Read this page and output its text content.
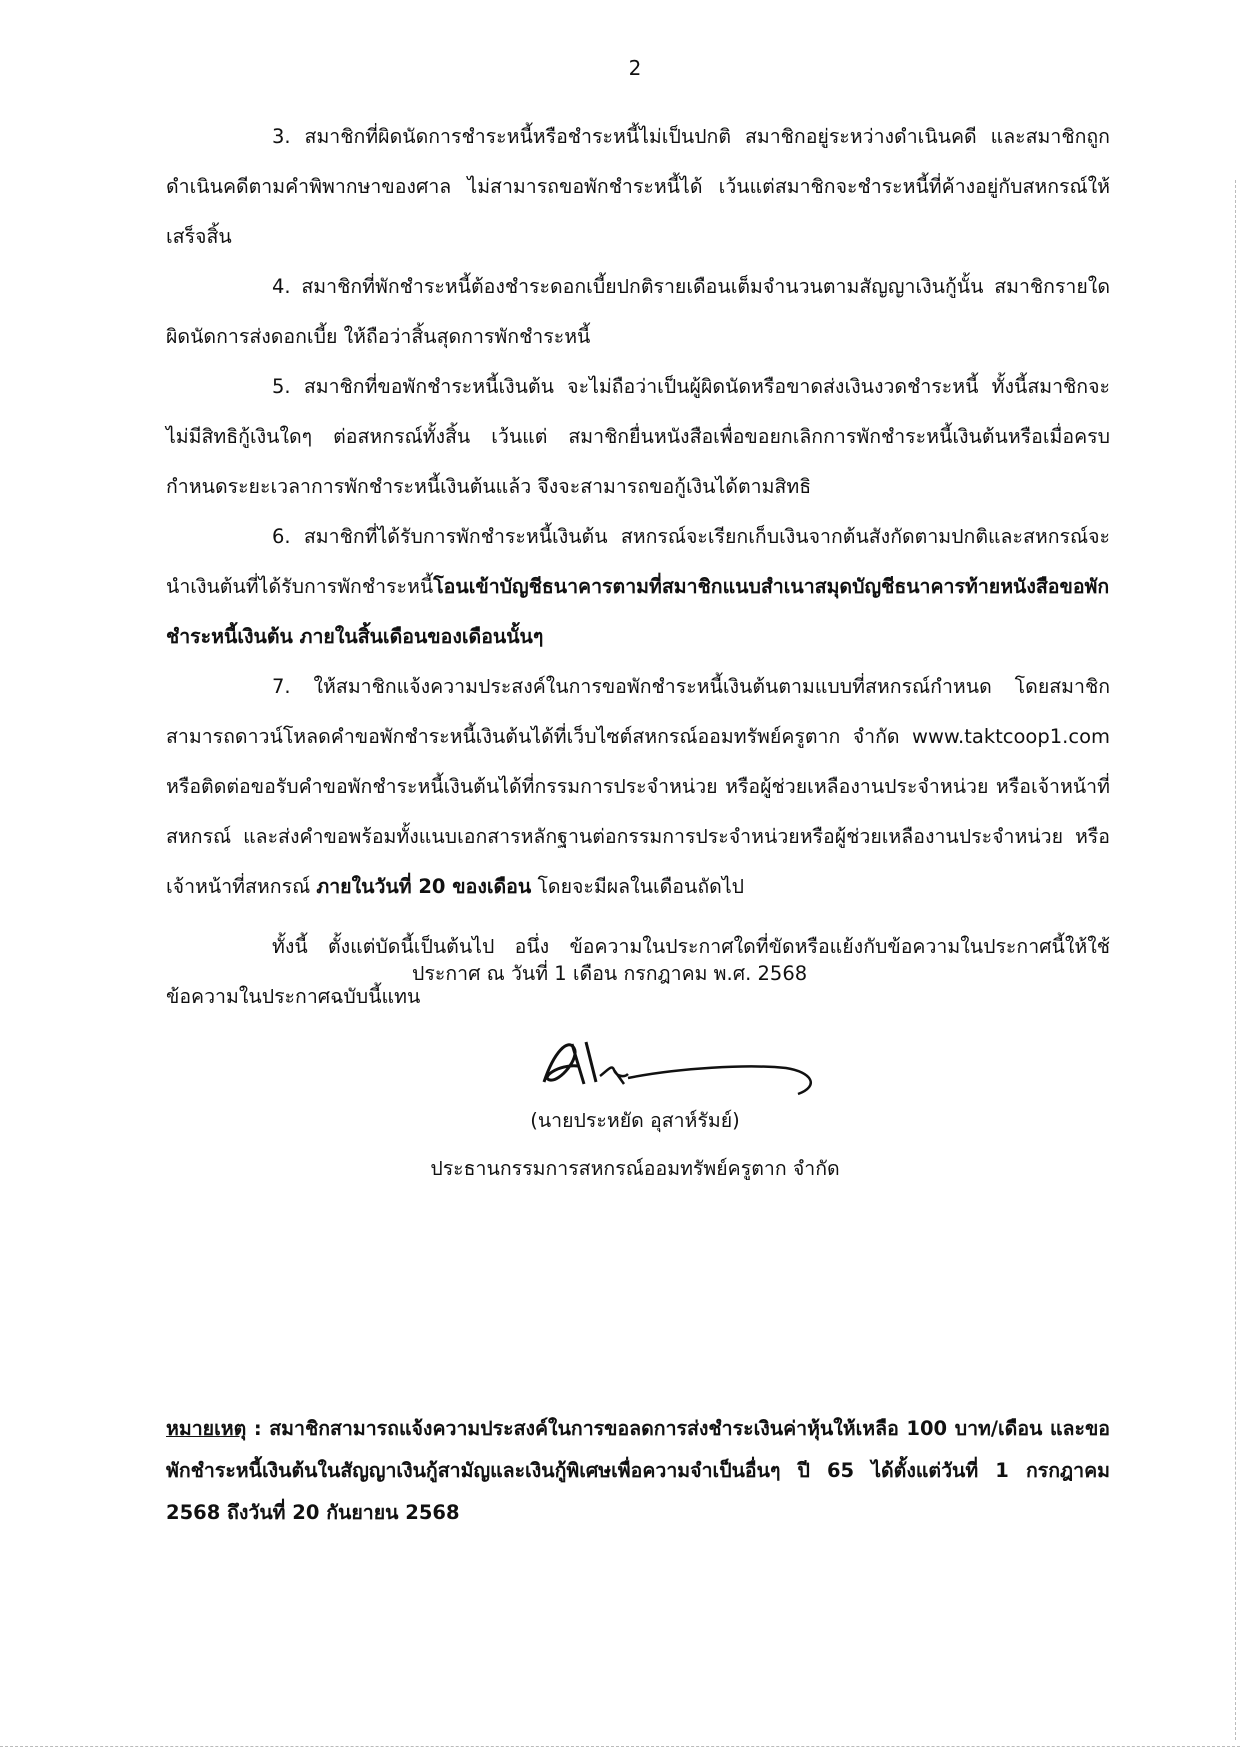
2

3. สมาชิกที่ผิดนัดการชำระหนี้หรือชำระหนี้ไม่เป็นปกติ สมาชิกอยู่ระหว่างดำเนินคดี และสมาชิกถูกดำเนินคดีตามคำพิพากษาของศาล ไม่สามารถขอพักชำระหนี้ได้ เว้นแต่สมาชิกจะชำระหนี้ที่ค้างอยู่กับสหกรณ์ให้เสร็จสิ้น

4. สมาชิกที่พักชำระหนี้ต้องชำระดอกเบี้ยปกติรายเดือนเต็มจำนวนตามสัญญาเงินกู้นั้น สมาชิกรายใดผิดนัดการส่งดอกเบี้ย ให้ถือว่าสิ้นสุดการพักชำระหนี้

5. สมาชิกที่ขอพักชำระหนี้เงินต้น จะไม่ถือว่าเป็นผู้ผิดนัดหรือขาดส่งเงินงวดชำระหนี้ ทั้งนี้สมาชิกจะไม่มีสิทธิกู้เงินใดๆ ต่อสหกรณ์ทั้งสิ้น เว้นแต่ สมาชิกยื่นหนังสือเพื่อขอยกเลิกการพักชำระหนี้เงินต้นหรือเมื่อครบกำหนดระยะเวลาการพักชำระหนี้เงินต้นแล้ว จึงจะสามารถขอกู้เงินได้ตามสิทธิ

6. สมาชิกที่ได้รับการพักชำระหนี้เงินต้น สหกรณ์จะเรียกเก็บเงินจากต้นสังกัดตามปกติและสหกรณ์จะนำเงินต้นที่ได้รับการพักชำระหนี้โอนเข้าบัญชีธนาคารตามที่สมาชิกแนบสำเนาสมุดบัญชีธนาคารท้ายหนังสือขอพักชำระหนี้เงินต้น ภายในสิ้นเดือนของเดือนนั้นๆ

7. ให้สมาชิกแจ้งความประสงค์ในการขอพักชำระหนี้เงินต้นตามแบบที่สหกรณ์กำหนด โดยสมาชิกสามารถดาวน์โหลดคำขอพักชำระหนี้เงินต้นได้ที่เว็บไซต์สหกรณ์ออมทรัพย์ครูตาก จำกัด www.taktcoop1.com หรือติดต่อขอรับคำขอพักชำระหนี้เงินต้นได้ที่กรรมการประจำหน่วย หรือผู้ช่วยเหลืองานประจำหน่วย หรือเจ้าหน้าที่สหกรณ์ และส่งคำขอพร้อมทั้งแนบเอกสารหลักฐานต่อกรรมการประจำหน่วยหรือผู้ช่วยเหลืองานประจำหน่วย หรือเจ้าหน้าที่สหกรณ์ ภายในวันที่ 20 ของเดือน โดยจะมีผลในเดือนถัดไป

ทั้งนี้ ตั้งแต่บัดนี้เป็นต้นไป อนึ่ง ข้อความในประกาศใดที่ขัดหรือแย้งกับข้อความในประกาศนี้ให้ใช้ข้อความในประกาศฉบับนี้แทน

ประกาศ ณ วันที่ 1 เดือน กรกฎาคม พ.ศ. 2568
(นายประหยัด อุสาห์รัมย์)
ประธานกรรมการสหกรณ์ออมทรัพย์ครูตาก จำกัด
หมายเหตุ : สมาชิกสามารถแจ้งความประสงค์ในการขอลดการส่งชำระเงินค่าหุ้นให้เหลือ 100 บาท/เดือน และขอพักชำระหนี้เงินต้นในสัญญาเงินกู้สามัญและเงินกู้พิเศษเพื่อความจำเป็นอื่นๆ ปี 65 ได้ตั้งแต่วันที่ 1 กรกฎาคม 2568 ถึงวันที่ 20 กันยายน 2568
